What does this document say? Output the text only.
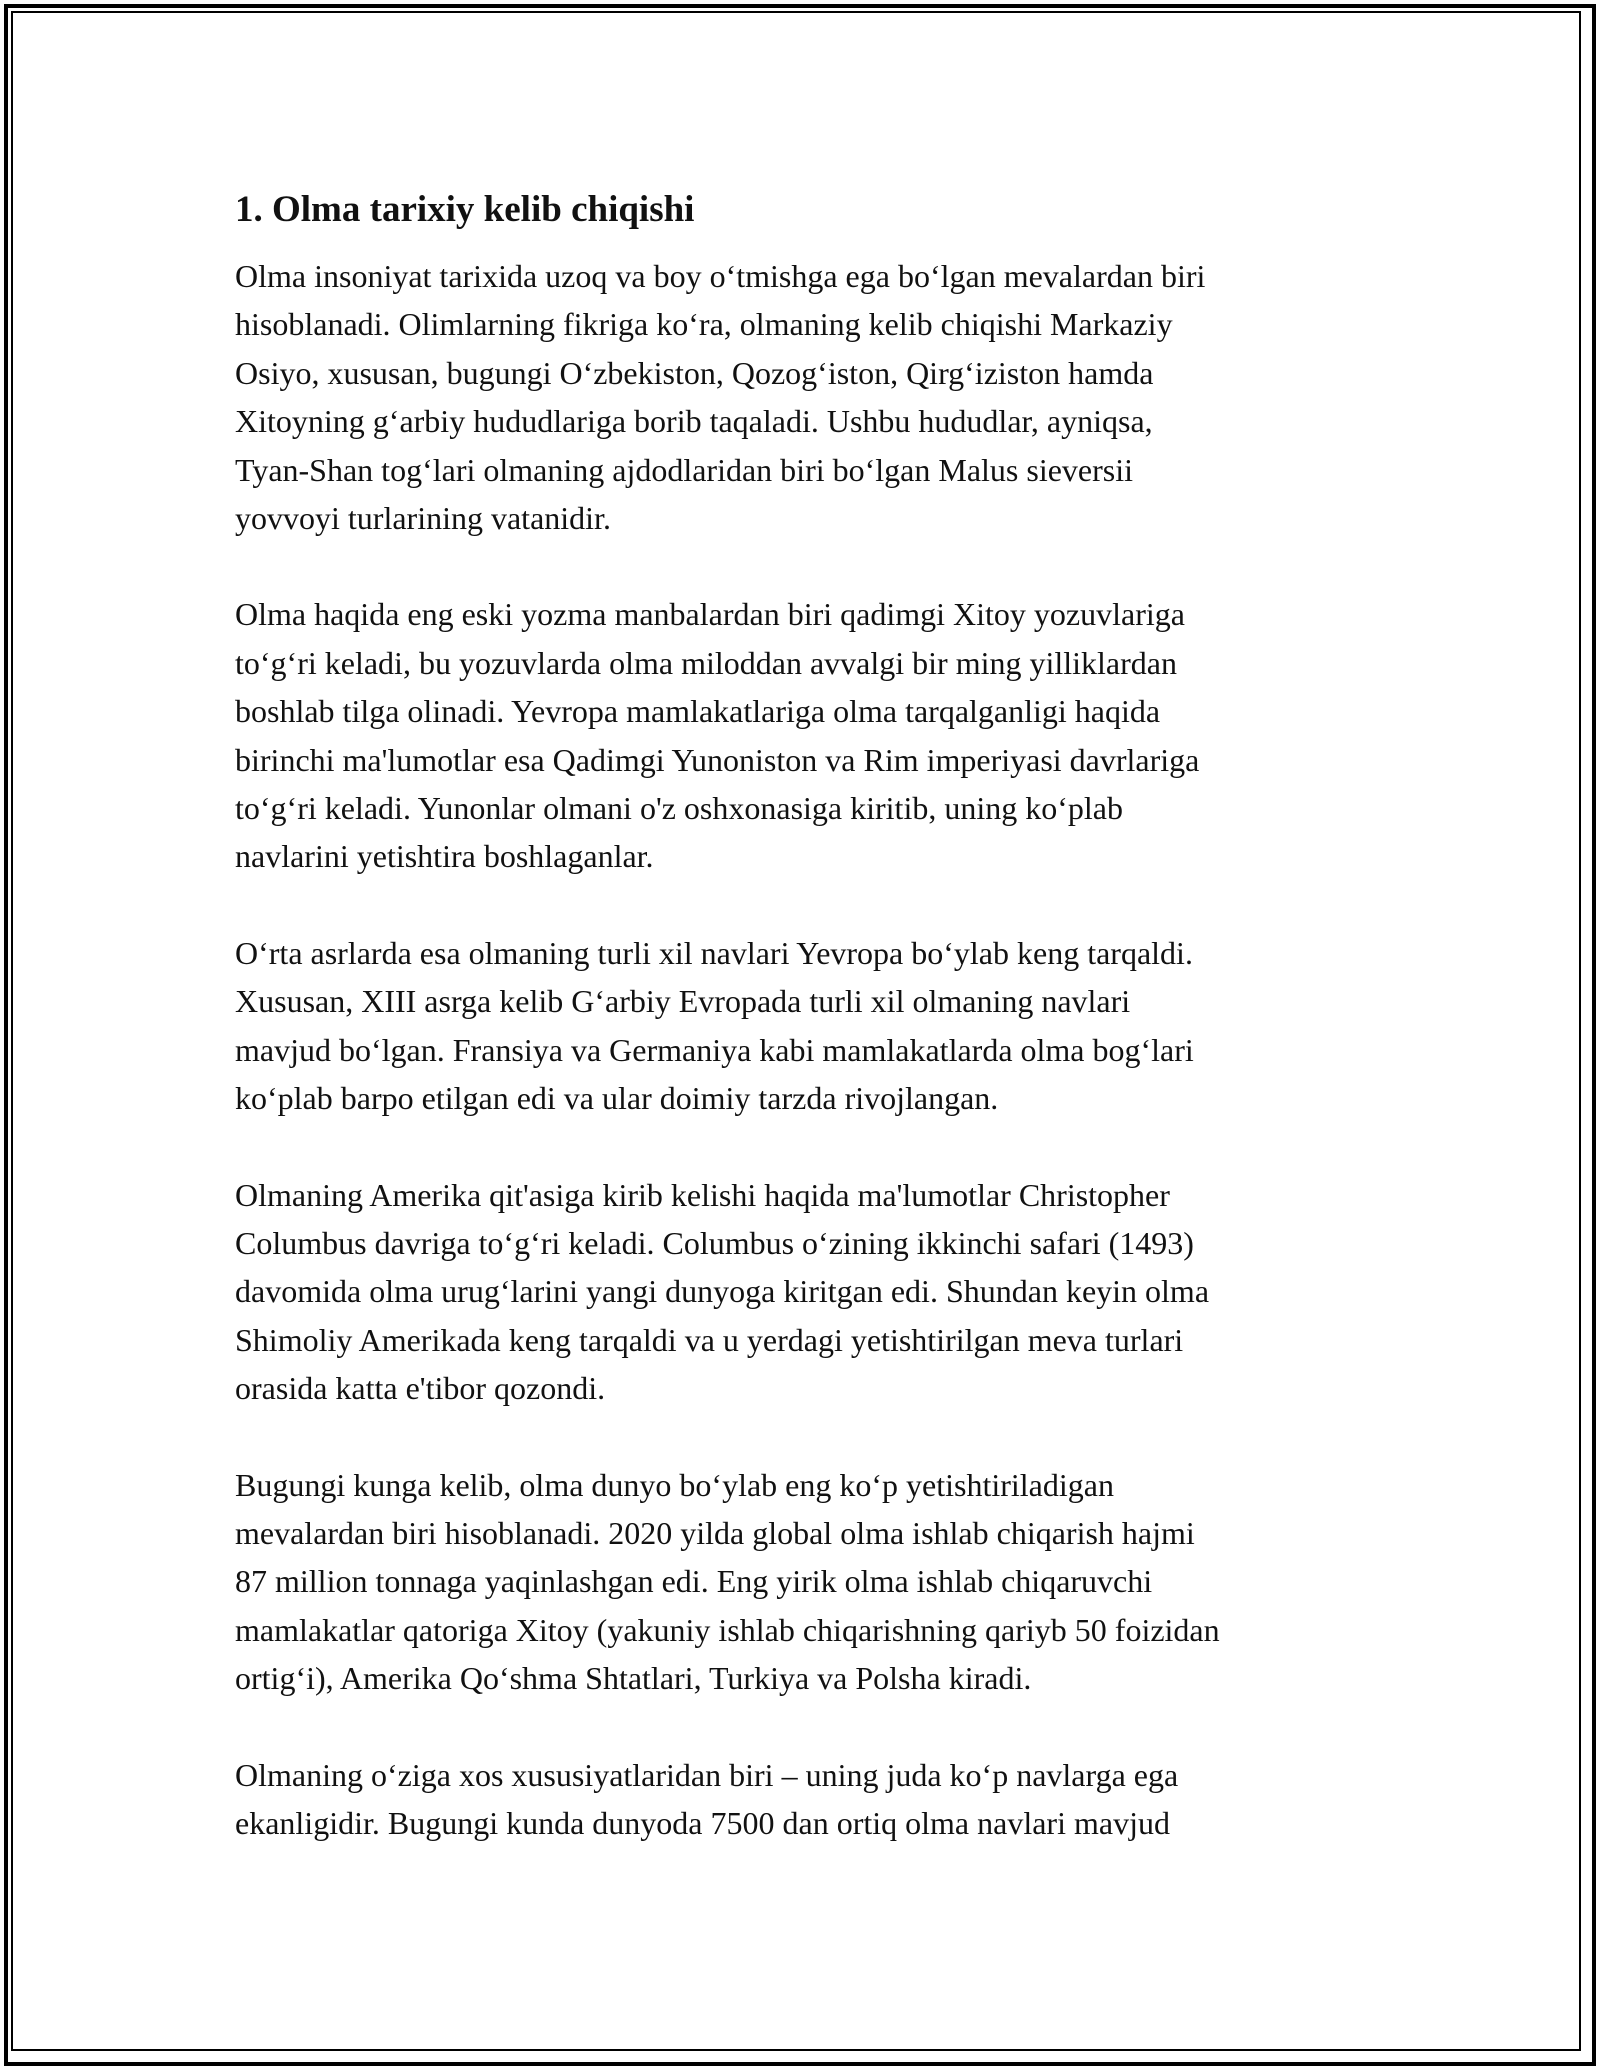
1. Olma tarixiy kelib chiqishi
Olma insoniyat tarixida uzoq va boy o‘tmishga ega bo‘lgan mevalardan biri
hisoblanadi. Olimlarning fikriga ko‘ra, olmaning kelib chiqishi Markaziy
Osiyo, xususan, bugungi O‘zbekiston, Qozog‘iston, Qirg‘iziston hamda
Xitoyning g‘arbiy hududlariga borib taqaladi. Ushbu hududlar, ayniqsa,
Tyan-Shan tog‘lari olmaning ajdodlaridan biri bo‘lgan Malus sieversii
yovvoyi turlarining vatanidir.
Olma haqida eng eski yozma manbalardan biri qadimgi Xitoy yozuvlariga
to‘g‘ri keladi, bu yozuvlarda olma miloddan avvalgi bir ming yilliklardan
boshlab tilga olinadi. Yevropa mamlakatlariga olma tarqalganligi haqida
birinchi ma'lumotlar esa Qadimgi Yunoniston va Rim imperiyasi davrlariga
to‘g‘ri keladi. Yunonlar olmani o'z oshxonasiga kiritib, uning ko‘plab
navlarini yetishtira boshlaganlar.
O‘rta asrlarda esa olmaning turli xil navlari Yevropa bo‘ylab keng tarqaldi.
Xususan, XIII asrga kelib G‘arbiy Evropada turli xil olmaning navlari
mavjud bo‘lgan. Fransiya va Germaniya kabi mamlakatlarda olma bog‘lari
ko‘plab barpo etilgan edi va ular doimiy tarzda rivojlangan.
Olmaning Amerika qit'asiga kirib kelishi haqida ma'lumotlar Christopher
Columbus davriga to‘g‘ri keladi. Columbus o‘zining ikkinchi safari (1493)
davomida olma urug‘larini yangi dunyoga kiritgan edi. Shundan keyin olma
Shimoliy Amerikada keng tarqaldi va u yerdagi yetishtirilgan meva turlari
orasida katta e'tibor qozondi.
Bugungi kunga kelib, olma dunyo bo‘ylab eng ko‘p yetishtiriladigan
mevalardan biri hisoblanadi. 2020 yilda global olma ishlab chiqarish hajmi
87 million tonnaga yaqinlashgan edi. Eng yirik olma ishlab chiqaruvchi
mamlakatlar qatoriga Xitoy (yakuniy ishlab chiqarishning qariyb 50 foizidan
ortig‘i), Amerika Qo‘shma Shtatlari, Turkiya va Polsha kiradi.
Olmaning o‘ziga xos xususiyatlaridan biri – uning juda ko‘p navlarga ega
ekanligidir. Bugungi kunda dunyoda 7500 dan ortiq olma navlari mavjud
